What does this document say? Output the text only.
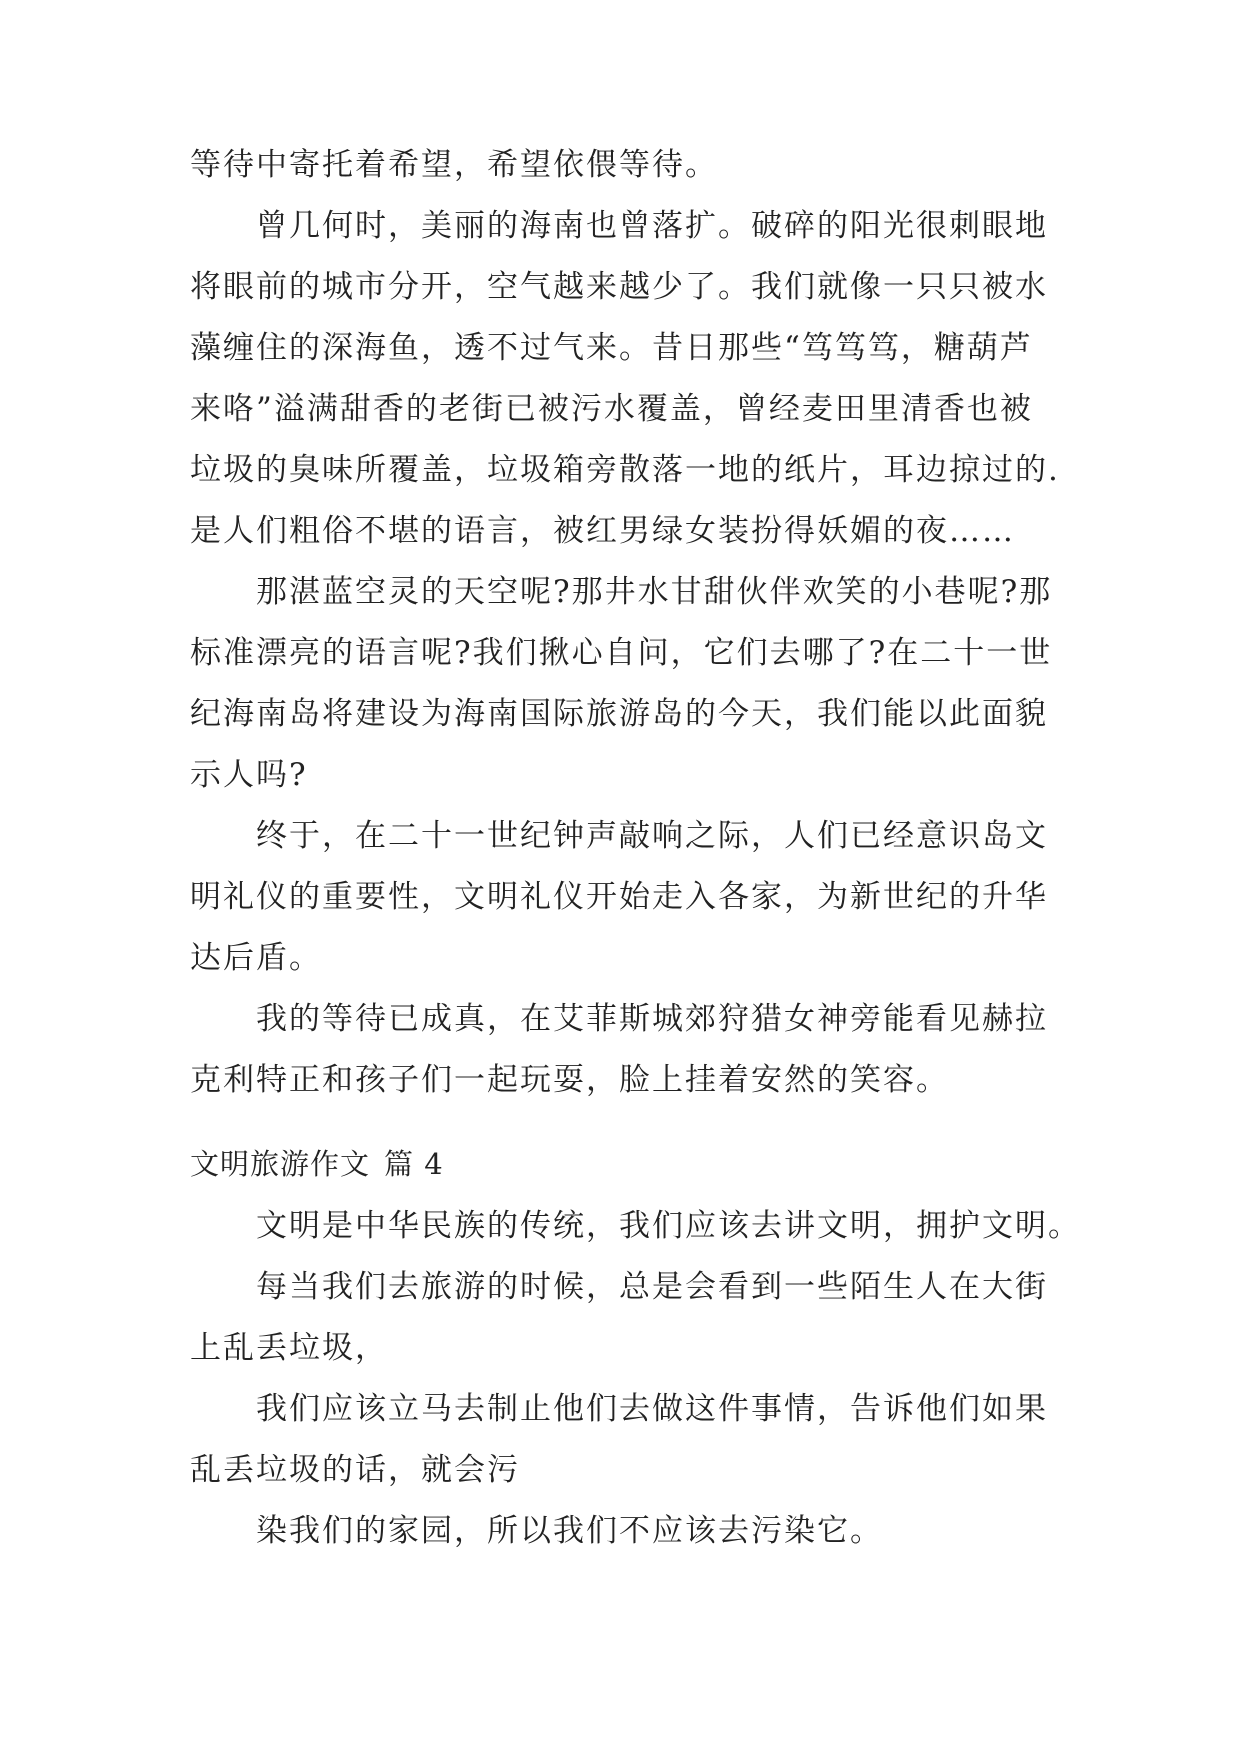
等待中寄托着希望，希望依偎等待。
曾几何时，美丽的海南也曾落扩。破碎的阳光很刺眼地
将眼前的城市分开，空气越来越少了。我们就像一只只被水
藻缠住的深海鱼，透不过气来。昔日那些“笃笃笃，糖葫芦
来咯”溢满甜香的老街已被污水覆盖，曾经麦田里清香也被
垃圾的臭味所覆盖，垃圾箱旁散落一地的纸片，耳边掠过的.
是人们粗俗不堪的语言，被红男绿女装扮得妖媚的夜……
那湛蓝空灵的天空呢?那井水甘甜伙伴欢笑的小巷呢?那
标准漂亮的语言呢?我们揪心自问，它们去哪了?在二十一世
纪海南岛将建设为海南国际旅游岛的今天，我们能以此面貌
示人吗?
终于，在二十一世纪钟声敲响之际，人们已经意识岛文
明礼仪的重要性，文明礼仪开始走入各家，为新世纪的升华
达后盾。
我的等待已成真，在艾菲斯城郊狩猎女神旁能看见赫拉
克利特正和孩子们一起玩耍，脸上挂着安然的笑容。
文明旅游作文 篇 4
文明是中华民族的传统，我们应该去讲文明，拥护文明。
每当我们去旅游的时候，总是会看到一些陌生人在大街
上乱丢垃圾，
我们应该立马去制止他们去做这件事情，告诉他们如果
乱丢垃圾的话，就会污
染我们的家园，所以我们不应该去污染它。
